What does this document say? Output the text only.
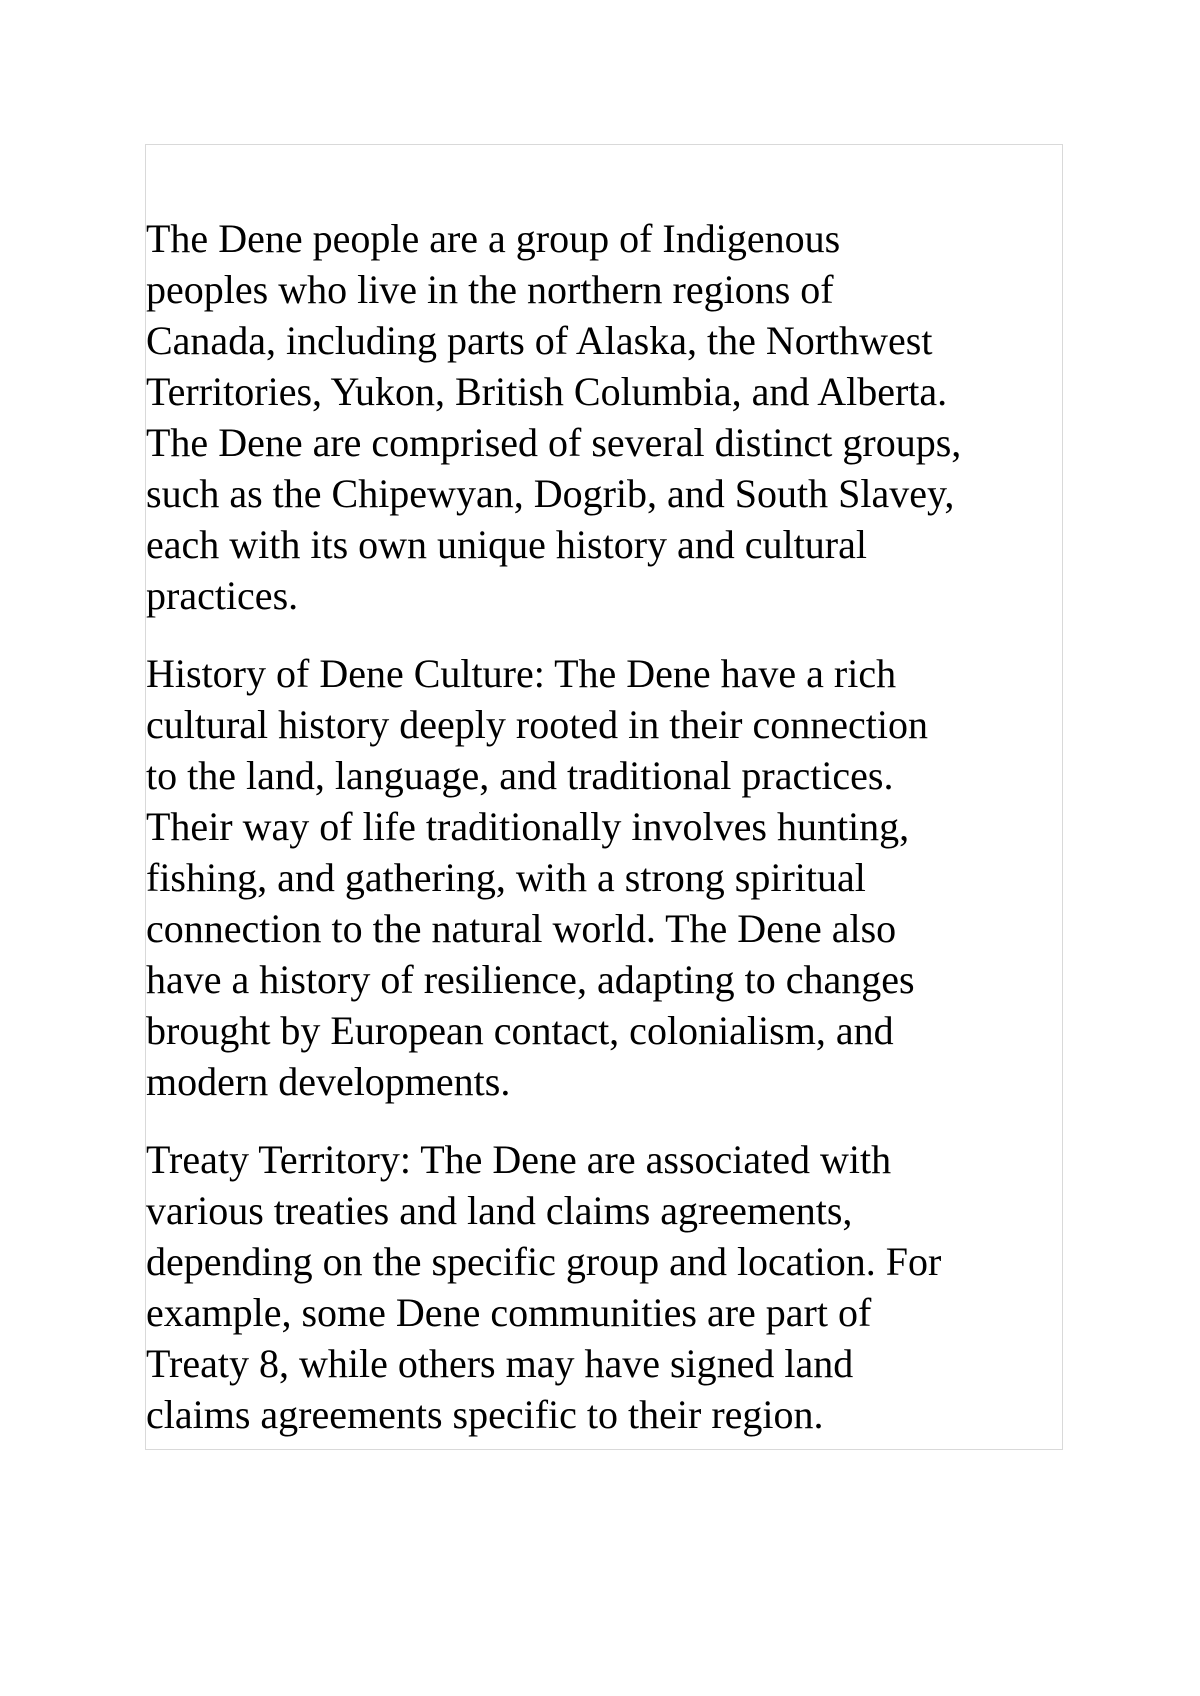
The Dene people are a group of Indigenous
peoples who live in the northern regions of
Canada, including parts of Alaska, the Northwest
Territories, Yukon, British Columbia, and Alberta.
The Dene are comprised of several distinct groups,
such as the Chipewyan, Dogrib, and South Slavey,
each with its own unique history and cultural
practices.

History of Dene Culture: The Dene have a rich
cultural history deeply rooted in their connection
to the land, language, and traditional practices.
Their way of life traditionally involves hunting,
fishing, and gathering, with a strong spiritual
connection to the natural world. The Dene also
have a history of resilience, adapting to changes
brought by European contact, colonialism, and
modern developments.

Treaty Territory: The Dene are associated with
various treaties and land claims agreements,
depending on the specific group and location. For
example, some Dene communities are part of
Treaty 8, while others may have signed land
claims agreements specific to their region.
